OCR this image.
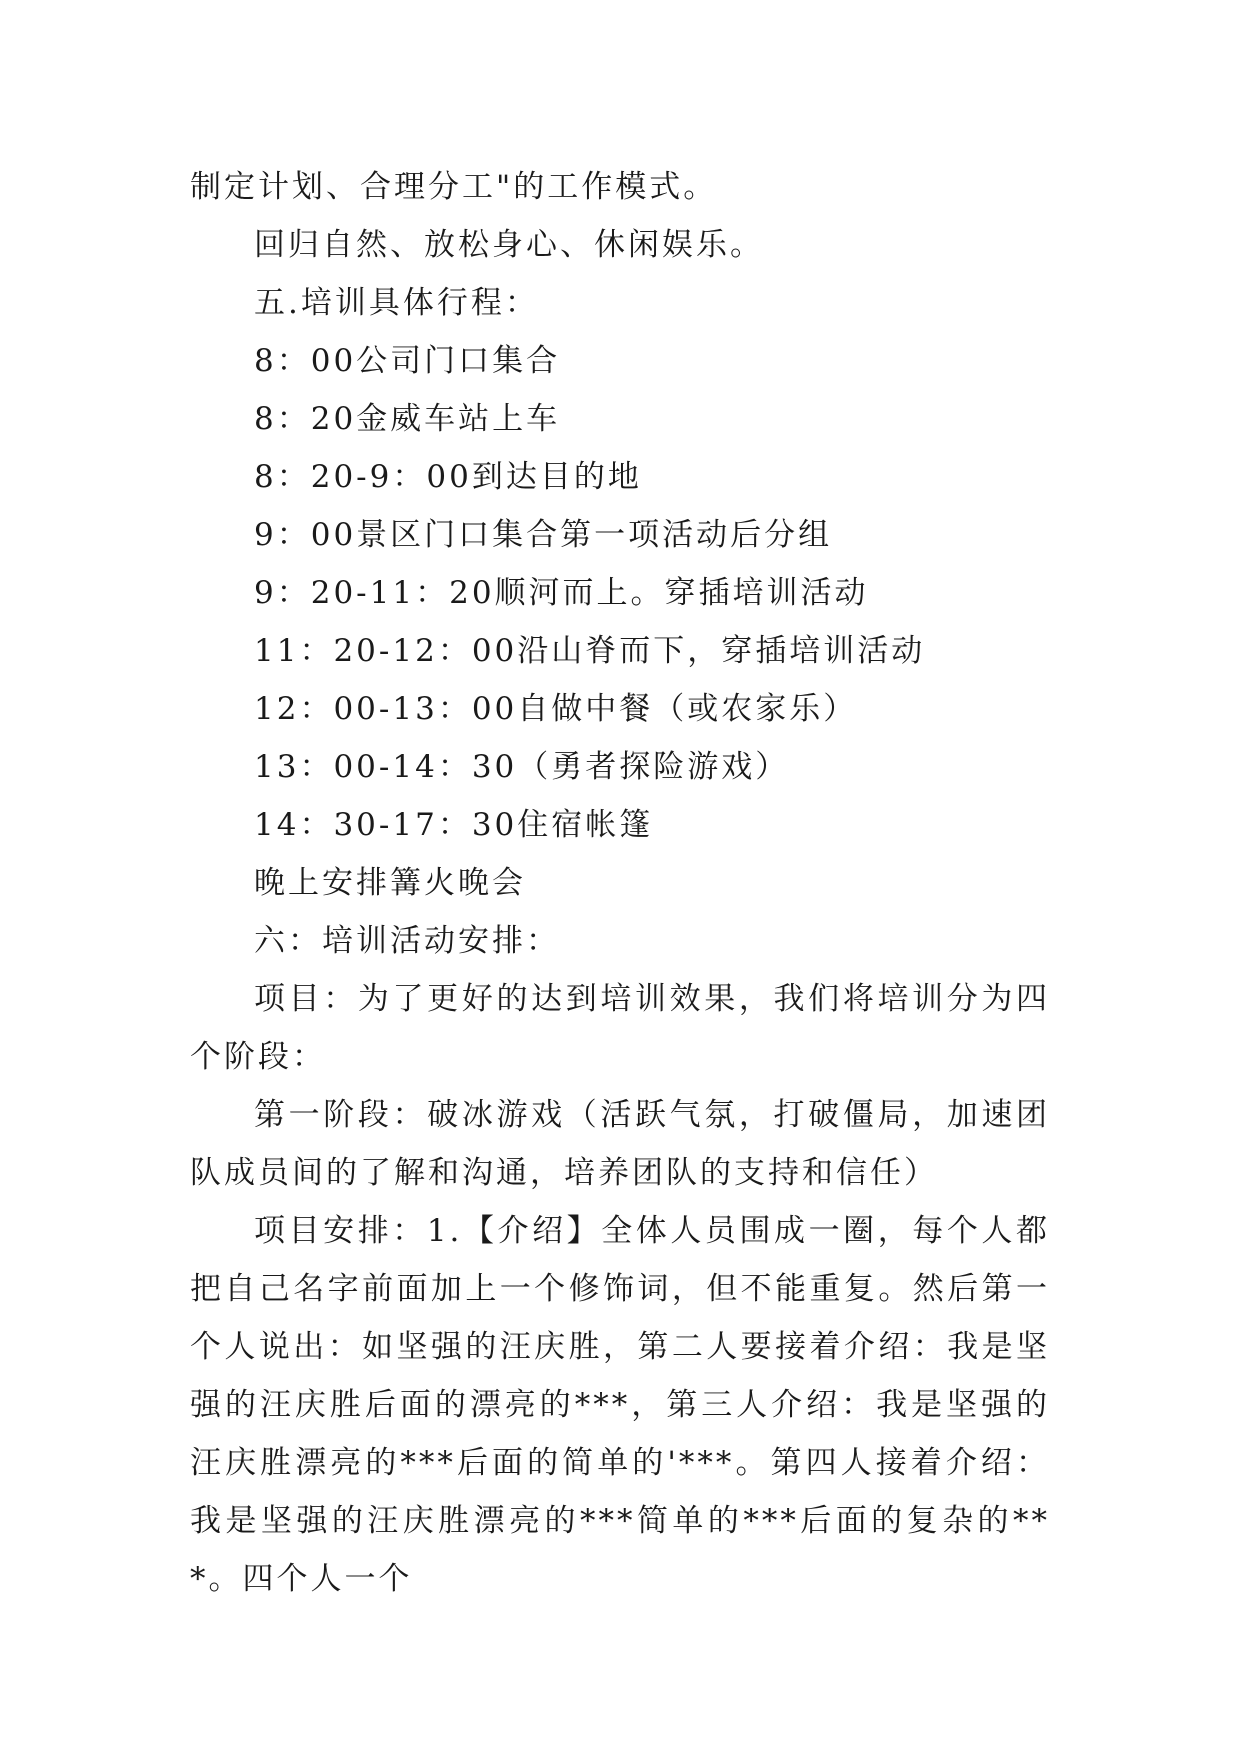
制定计划、合理分工"的工作模式。

回归自然、放松身心、休闲娱乐。

五.培训具体行程：

8：00公司门口集合

8：20金威车站上车

8：20-9：00到达目的地

9：00景区门口集合第一项活动后分组

9：20-11：20顺河而上。穿插培训活动

11：20-12：00沿山脊而下，穿插培训活动

12：00-13：00自做中餐（或农家乐）

13：00-14：30（勇者探险游戏）

14：30-17：30住宿帐篷

晚上安排篝火晚会

六：培训活动安排：

项目：为了更好的达到培训效果，我们将培训分为四个阶段：

第一阶段：破冰游戏（活跃气氛，打破僵局，加速团队成员间的了解和沟通，培养团队的支持和信任）

项目安排：1.【介绍】全体人员围成一圈，每个人都把自己名字前面加上一个修饰词，但不能重复。然后第一个人说出：如坚强的汪庆胜，第二人要接着介绍：我是坚强的汪庆胜后面的漂亮的***，第三人介绍：我是坚强的汪庆胜漂亮的***后面的简单的'***。第四人接着介绍：我是坚强的汪庆胜漂亮的***简单的***后面的复杂的***。四个人一个
